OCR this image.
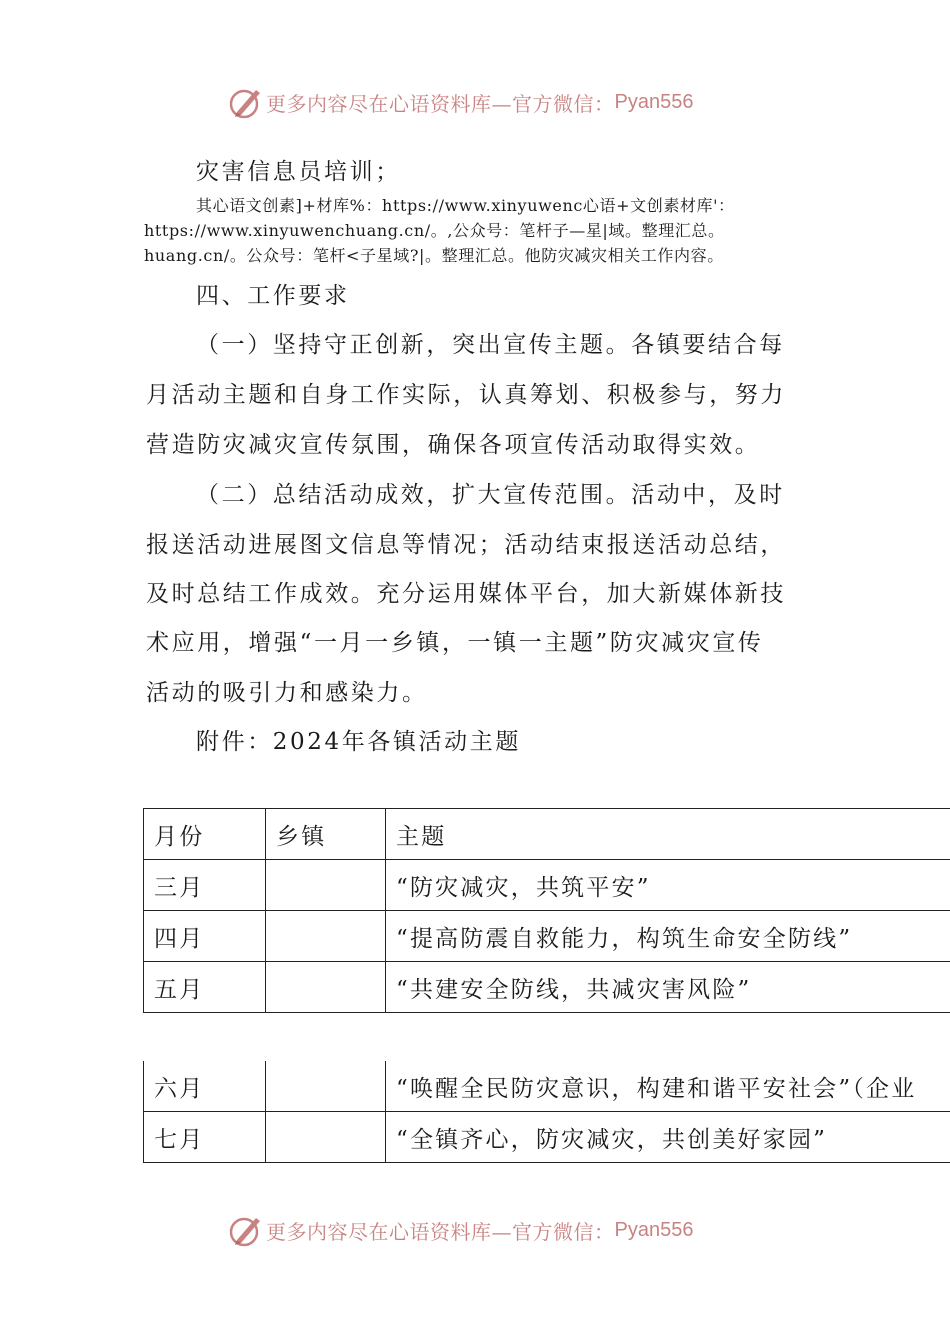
更多内容尽在心语资料库—官方微信： Pyan556
灾害信息员培训；
其心语文创素]+材库%：https://www.xinyuwenc心语+文创素材库'：
https://www.xinyuwenchuang.cn/。,公众号：笔杆子—星|域。整理汇总。
huang.cn/。公众号：笔杆<子星域?|。整理汇总。他防灾减灾相关工作内容。
四、工作要求
（一）坚持守正创新，突出宣传主题。各镇要结合每
月活动主题和自身工作实际，认真筹划、积极参与，努力
营造防灾减灾宣传氛围，确保各项宣传活动取得实效。
（二）总结活动成效，扩大宣传范围。活动中，及时
报送活动进展图文信息等情况；活动结束报送活动总结，
及时总结工作成效。充分运用媒体平台，加大新媒体新技
术应用，增强“一月一乡镇，一镇一主题”防灾减灾宣传
活动的吸引力和感染力。
附件：2024年各镇活动主题
月份	乡镇	主题
三月		“防灾减灾，共筑平安”
四月		“提高防震自救能力，构筑生命安全防线”
五月		“共建安全防线，共减灾害风险”
六月		“唤醒全民防灾意识，构建和谐平安社会”（企业
七月		“全镇齐心，防灾减灾，共创美好家园”
更多内容尽在心语资料库—官方微信： Pyan556
